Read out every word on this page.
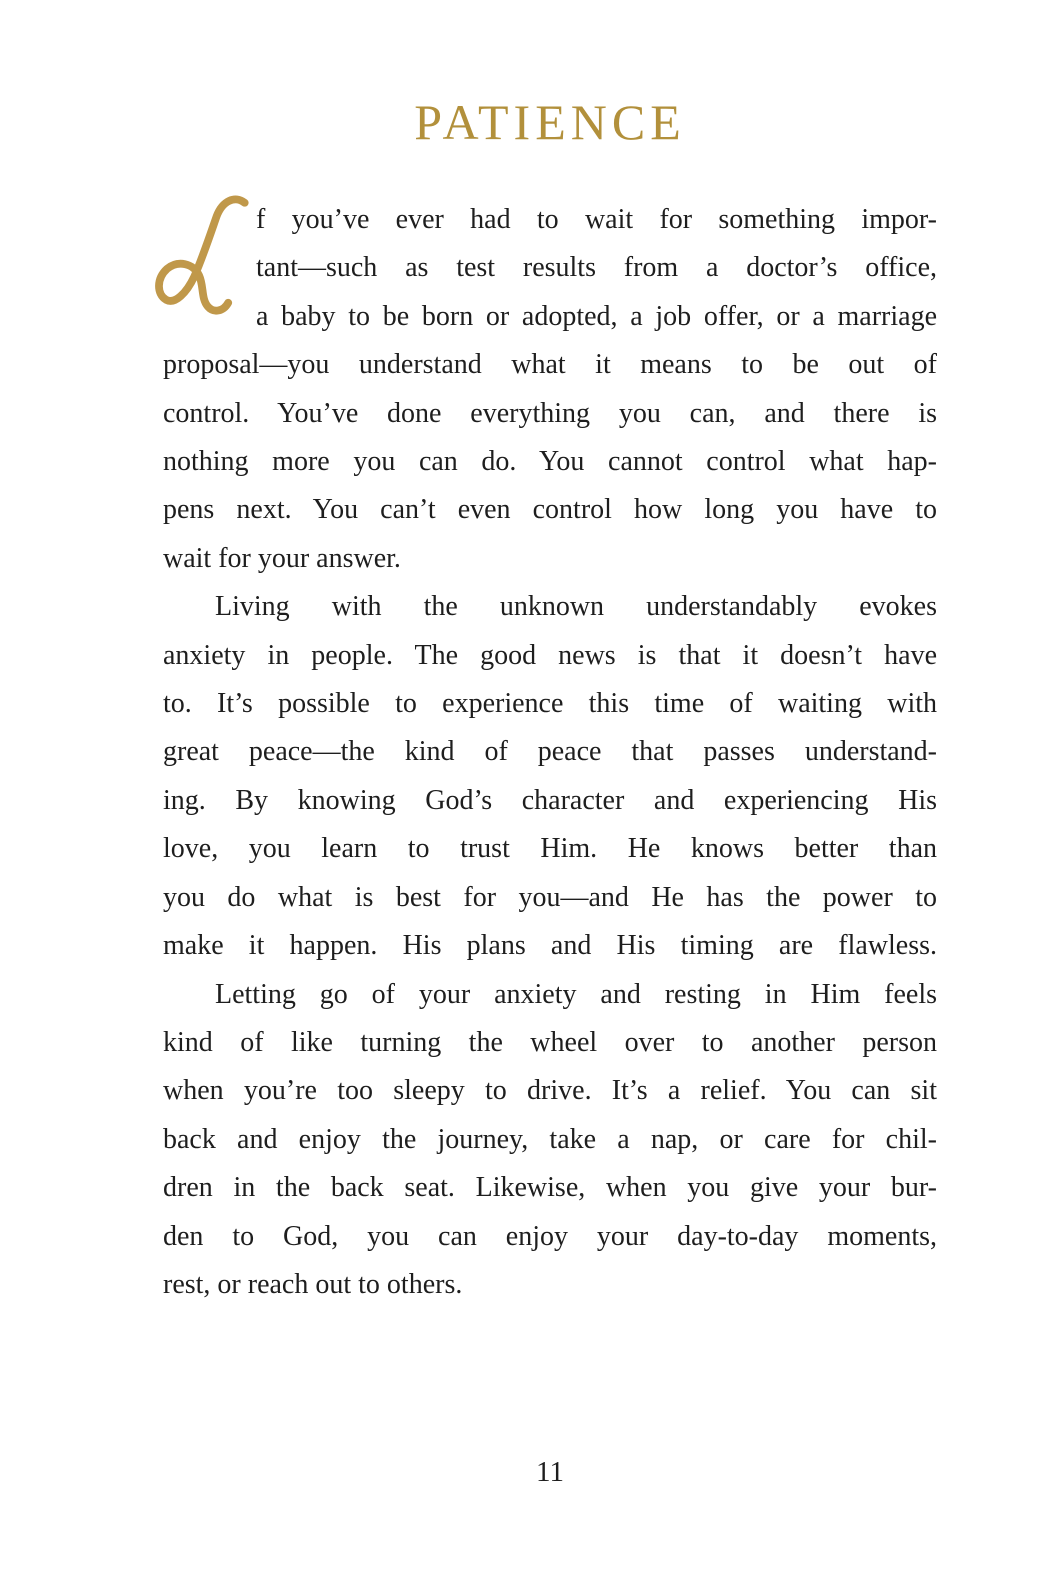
PATIENCE
f you’ve ever had to wait for something impor-
tant—such as test results from a doctor’s office,
a baby to be born or adopted, a job offer, or a marriage
proposal—you understand what it means to be out of
control. You’ve done everything you can, and there is
nothing more you can do. You cannot control what hap-
pens next. You can’t even control how long you have to
wait for your answer.
Living with the unknown understandably evokes
anxiety in people. The good news is that it doesn’t have
to. It’s possible to experience this time of waiting with
great peace—the kind of peace that passes understand-
ing. By knowing God’s character and experiencing His
love, you learn to trust Him. He knows better than
you do what is best for you—and He has the power to
make it happen. His plans and His timing are flawless.
Letting go of your anxiety and resting in Him feels
kind of like turning the wheel over to another person
when you’re too sleepy to drive. It’s a relief. You can sit
back and enjoy the journey, take a nap, or care for chil-
dren in the back seat. Likewise, when you give your bur-
den to God, you can enjoy your day-to-day moments,
rest, or reach out to others.
11
